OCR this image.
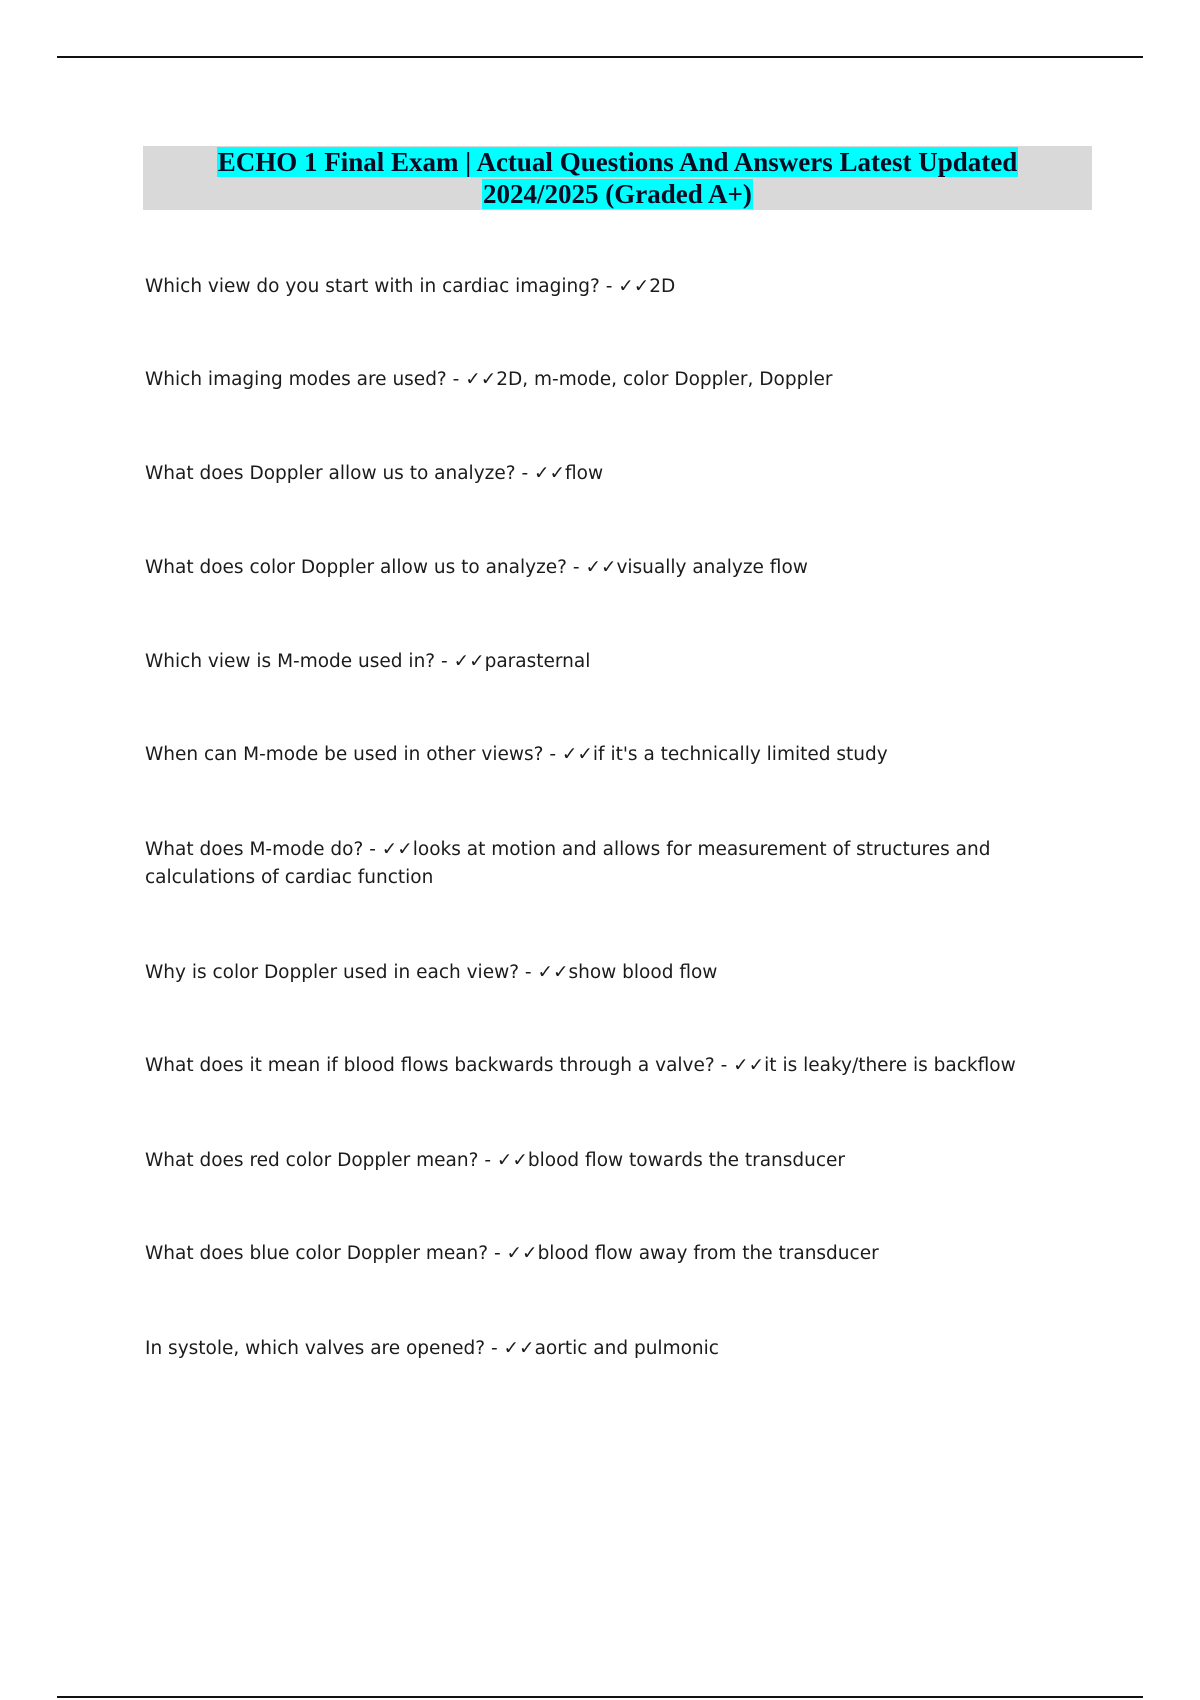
ECHO 1 Final Exam | Actual Questions And Answers Latest Updated
2024/2025 (Graded A+)
Which view do you start with in cardiac imaging? - ✓✓2D
Which imaging modes are used? - ✓✓2D, m-mode, color Doppler, Doppler
What does Doppler allow us to analyze? - ✓✓flow
What does color Doppler allow us to analyze? - ✓✓visually analyze flow
Which view is M-mode used in? - ✓✓parasternal
When can M-mode be used in other views? - ✓✓if it's a technically limited study
What does M-mode do? - ✓✓looks at motion and allows for measurement of structures and calculations of cardiac function
Why is color Doppler used in each view? - ✓✓show blood flow
What does it mean if blood flows backwards through a valve? - ✓✓it is leaky/there is backflow
What does red color Doppler mean? - ✓✓blood flow towards the transducer
What does blue color Doppler mean? - ✓✓blood flow away from the transducer
In systole, which valves are opened? - ✓✓aortic and pulmonic
